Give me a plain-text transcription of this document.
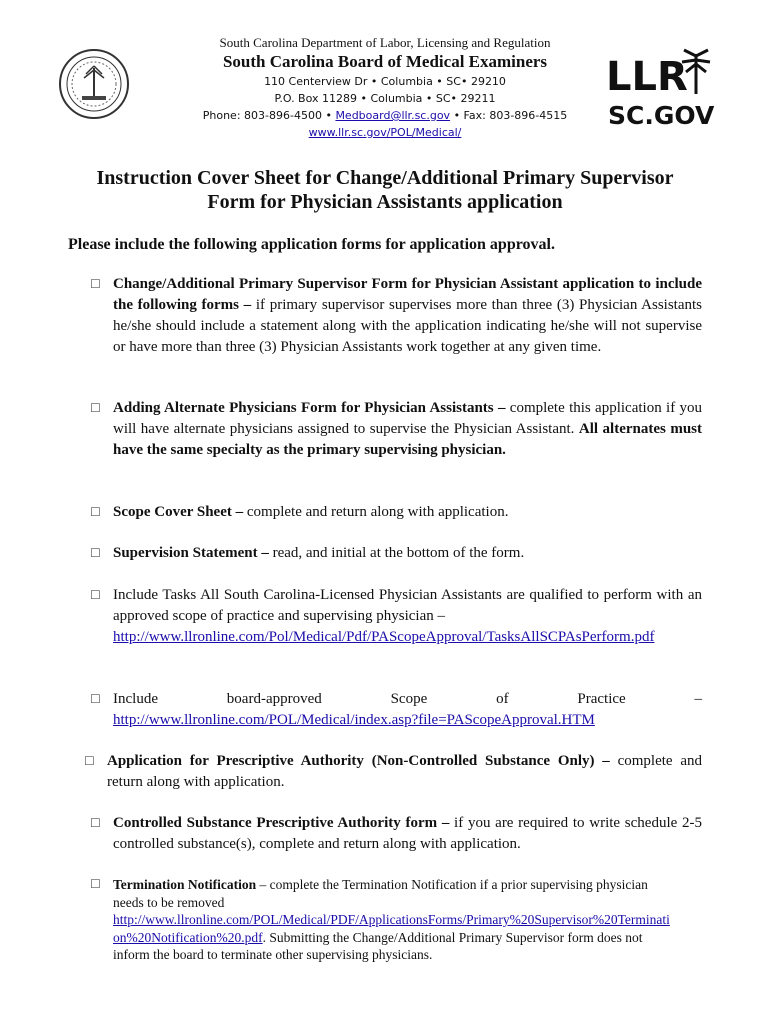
South Carolina Department of Labor, Licensing and Regulation
South Carolina Board of Medical Examiners
110 Centerview Dr • Columbia • SC• 29210
P.O. Box 11289 • Columbia • SC• 29211
Phone: 803-896-4500 • Medboard@llr.sc.gov • Fax: 803-896-4515
www.llr.sc.gov/POL/Medical/
LLR
SC.GOV
Instruction Cover Sheet for Change/Additional Primary Supervisor
Form for Physician Assistants application
Please include the following application forms for application approval.
☐ Change/Additional Primary Supervisor Form for Physician Assistant application to include the following forms – if primary supervisor supervises more than three (3) Physician Assistants he/she should include a statement along with the application indicating he/she will not supervise or have more than three (3) Physician Assistants work together at any given time.
☐ Adding Alternate Physicians Form for Physician Assistants – complete this application if you will have alternate physicians assigned to supervise the Physician Assistant. All alternates must have the same specialty as the primary supervising physician.
☐ Scope Cover Sheet – complete and return along with application.
☐ Supervision Statement – read, and initial at the bottom of the form.
☐ Include Tasks All South Carolina-Licensed Physician Assistants are qualified to perform with an approved scope of practice and supervising physician –
http://www.llronline.com/Pol/Medical/Pdf/PAScopeApproval/TasksAllSCPAsPerform.pdf
☐ Include	board-approved	Scope	of	Practice	–
http://www.llronline.com/POL/Medical/index.asp?file=PAScopeApproval.HTM
☐ Application for Prescriptive Authority (Non-Controlled Substance Only) – complete and return along with application.
☐ Controlled Substance Prescriptive Authority form – if you are required to write schedule 2-5 controlled substance(s), complete and return along with application.
☐ Termination Notification – complete the Termination Notification if a prior supervising physician needs to be removed
http://www.llronline.com/POL/Medical/PDF/ApplicationsForms/Primary%20Supervisor%20Termination%20Notification%20.pdf. Submitting the Change/Additional Primary Supervisor form does not inform the board to terminate other supervising physicians.
